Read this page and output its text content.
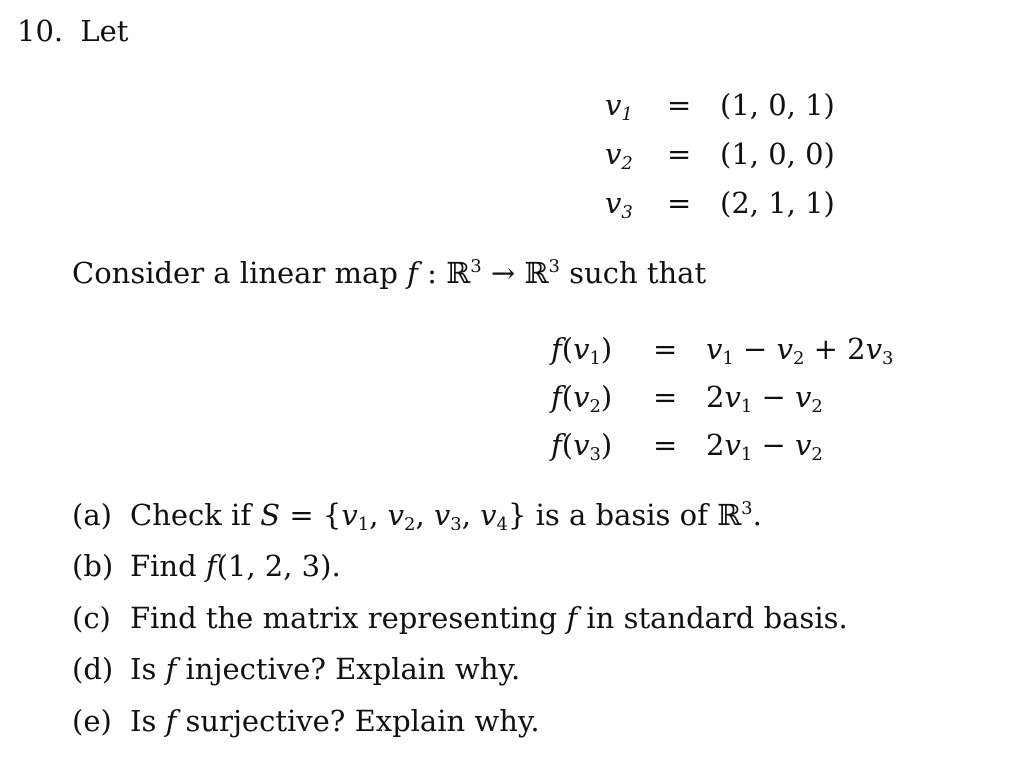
10. Let
$v_1 = (1$, 0, 1)
$v_2 = (1$, 0, 0)
$v_3 = (2$, 1, 1)
Consider a linear map f : ℝ$^3$ → ℝ$^3$ such that
$f(v_1) = v_1 - v_2 + 2v_3$
$f(v_2) = 2v_1 - v_2$
$f(v_3) = 2v_1 - v_2$
(a) Check if $S = \{v_1$, $v_2$, $v_3$, $v_4$} is a basis of ℝ$^3$.
(b) Find f(1, 2, 3).
(c) Find the matrix representing f in standard basis.
(d) Is f injective? Explain why.
(e) Is f surjective? Explain why.
